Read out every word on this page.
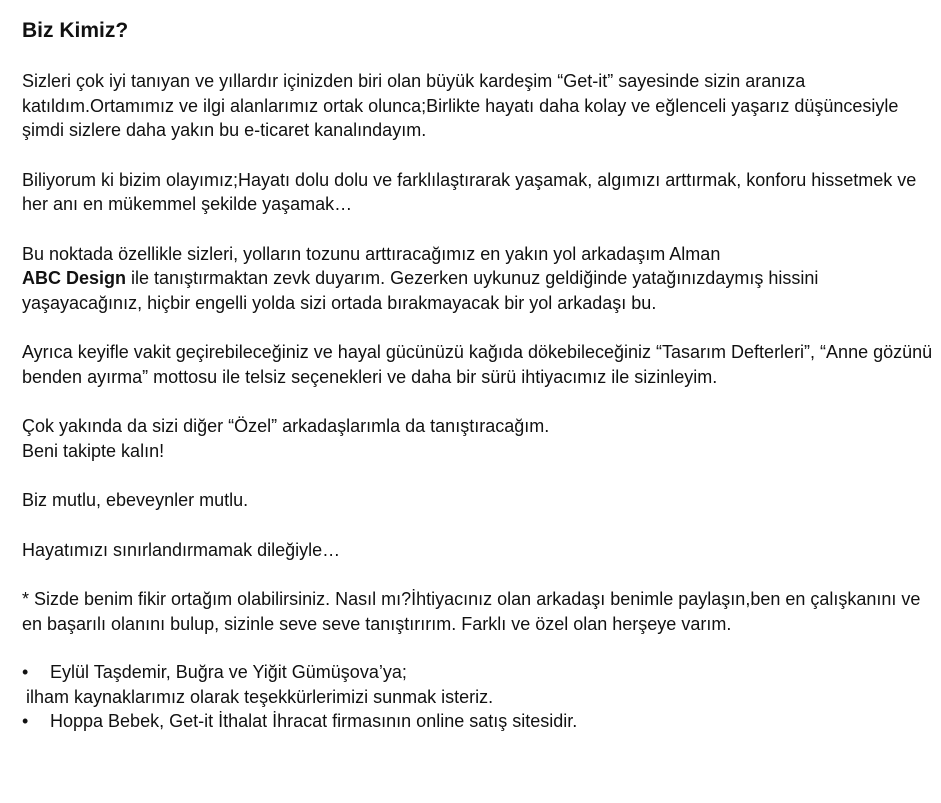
Biz Kimiz?

Sizleri çok iyi tanıyan ve yıllardır içinizden biri olan büyük kardeşim “Get-it” sayesinde sizin aranıza katıldım.Ortamımız ve ilgi alanlarımız ortak olunca;Birlikte hayatı daha kolay ve eğlenceli yaşarız düşüncesiyle şimdi sizlere daha yakın bu e-ticaret kanalındayım.

Biliyorum ki bizim olayımız;Hayatı dolu dolu ve farklılaştırarak yaşamak, algımızı arttırmak, konforu hissetmek ve her anı en mükemmel şekilde yaşamak…

Bu noktada özellikle sizleri, yolların tozunu arttıracağımız en yakın yol arkadaşım Alman
ABC Design ile tanıştırmaktan zevk duyarım. Gezerken uykunuz geldiğinde yatağınızdaymış hissini yaşayacağınız, hiçbir engelli yolda sizi ortada bırakmayacak bir yol arkadaşı bu.

Ayrıca keyifle vakit geçirebileceğiniz ve hayal gücünüzü kağıda dökebileceğiniz “Tasarım Defterleri”, “Anne gözünü benden ayırma” mottosu ile telsiz seçenekleri ve daha bir sürü ihtiyacımız ile sizinleyim.

Çok yakında da sizi diğer “Özel” arkadaşlarımla da tanıştıracağım.
Beni takipte kalın!

Biz mutlu, ebeveynler mutlu.

Hayatımızı sınırlandırmamak dileğiyle…

* Sizde benim fikir ortağım olabilirsiniz. Nasıl mı?İhtiyacınız olan arkadaşı benimle paylaşın,ben en çalışkanını ve en başarılı olanını bulup, sizinle seve seve tanıştırırım. Farklı ve özel olan herşeye varım.

• Eylül Taşdemir, Buğra ve Yiğit Gümüşova’ya;
ilham kaynaklarımız olarak teşekkürlerimizi sunmak isteriz.
• Hoppa Bebek, Get-it İthalat İhracat firmasının online satış sitesidir.
